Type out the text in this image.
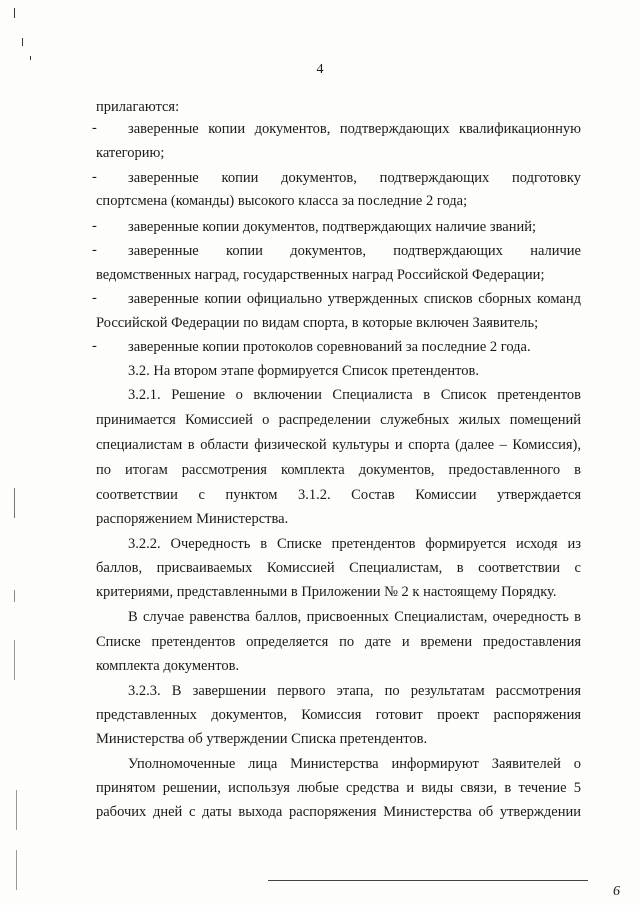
4
прилагаются:
- заверенные копии документов, подтверждающих квалификационную
категорию;
- заверенные копии документов, подтверждающих подготовку
спортсмена (команды) высокого класса за последние 2 года;
- заверенные копии документов, подтверждающих наличие званий;
- заверенные копии документов, подтверждающих наличие
ведомственных наград, государственных наград Российской Федерации;
- заверенные копии официально утвержденных списков сборных команд
Российской Федерации по видам спорта, в которые включен Заявитель;
- заверенные копии протоколов соревнований за последние 2 года.
3.2. На втором этапе формируется Список претендентов.
3.2.1. Решение о включении Специалиста в Список претендентов
принимается Комиссией о распределении служебных жилых помещений
специалистам в области физической культуры и спорта (далее – Комиссия),
по итогам рассмотрения комплекта документов, предоставленного в
соответствии с пунктом 3.1.2. Состав Комиссии утверждается
распоряжением Министерства.
3.2.2. Очередность в Списке претендентов формируется исходя из
баллов, присваиваемых Комиссией Специалистам, в соответствии с
критериями, представленными в Приложении № 2 к настоящему Порядку.
В случае равенства баллов, присвоенных Специалистам, очередность в
Списке претендентов определяется по дате и времени предоставления
комплекта документов.
3.2.3. В завершении первого этапа, по результатам рассмотрения
представленных документов, Комиссия готовит проект распоряжения
Министерства об утверждении Списка претендентов.
Уполномоченные лица Министерства информируют Заявителей о
принятом решении, используя любые средства и виды связи, в течение 5
рабочих дней с даты выхода распоряжения Министерства об утверждении
6
